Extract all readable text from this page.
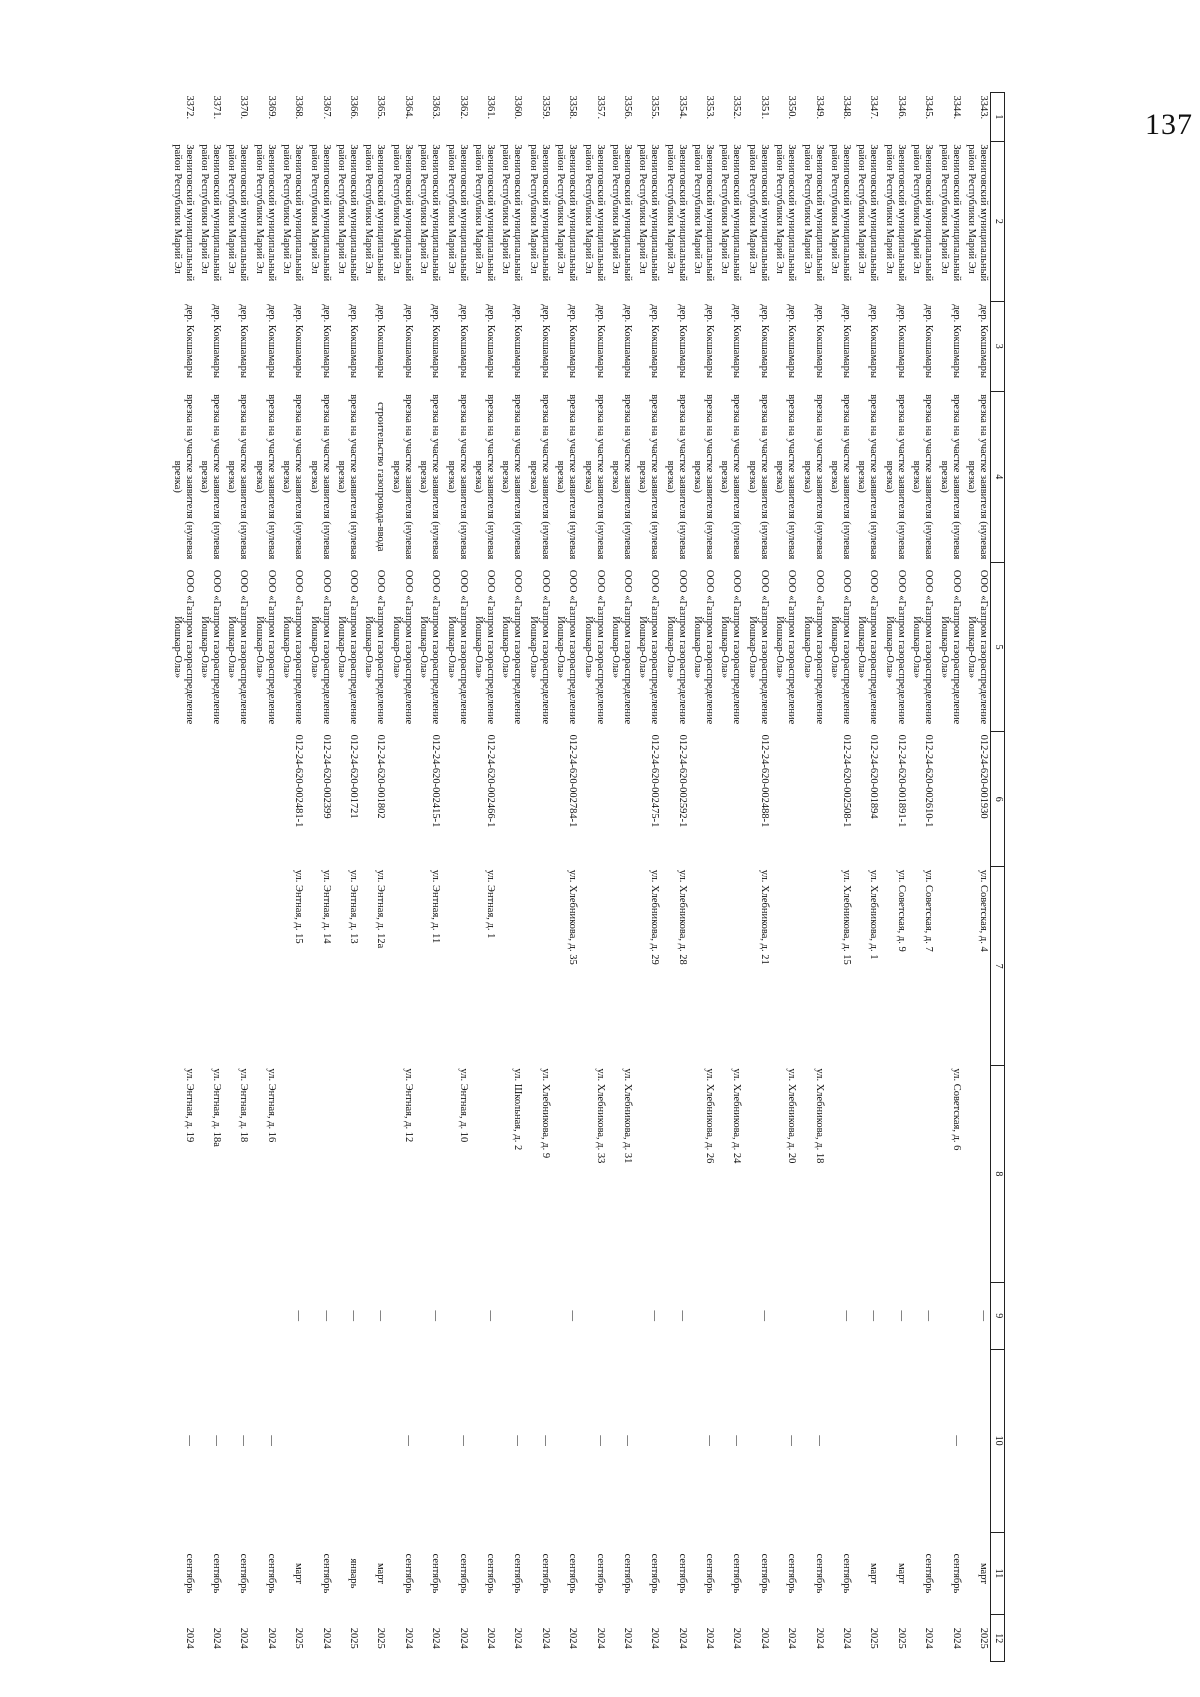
137
1	2	3	4	5	6	7	8	9	10	11	12
3343.	Звениговский муниципальный район Республики Марий Эл	дер. Кокшамары	врезка на участке заявителя (нулевая врезка)	ООО «Газпром газораспределение Йошкар-Ола»	012-24-620-001930	ул. Советская, д. 4		—		март	2025
3344.	Звениговский муниципальный район Республики Марий Эл	дер. Кокшамары	врезка на участке заявителя (нулевая врезка)	ООО «Газпром газораспределение Йошкар-Ола»			ул. Советская, д. 6		—	сентябрь	2024
3345.	Звениговский муниципальный район Республики Марий Эл	дер. Кокшамары	врезка на участке заявителя (нулевая врезка)	ООО «Газпром газораспределение Йошкар-Ола»	012-24-620-002610-1	ул. Советская, д. 7		—		сентябрь	2024
3346.	Звениговский муниципальный район Республики Марий Эл	дер. Кокшамары	врезка на участке заявителя (нулевая врезка)	ООО «Газпром газораспределение Йошкар-Ола»	012-24-620-001891-1	ул. Советская, д. 9		—		март	2025
3347.	Звениговский муниципальный район Республики Марий Эл	дер. Кокшамары	врезка на участке заявителя (нулевая врезка)	ООО «Газпром газораспределение Йошкар-Ола»	012-24-620-001894	ул. Хлебникова, д. 1		—		март	2025
3348.	Звениговский муниципальный район Республики Марий Эл	дер. Кокшамары	врезка на участке заявителя (нулевая врезка)	ООО «Газпром газораспределение Йошкар-Ола»	012-24-620-002508-1	ул. Хлебникова, д. 15		—		сентябрь	2024
3349.	Звениговский муниципальный район Республики Марий Эл	дер. Кокшамары	врезка на участке заявителя (нулевая врезка)	ООО «Газпром газораспределение Йошкар-Ола»			ул. Хлебникова, д. 18		—	сентябрь	2024
3350.	Звениговский муниципальный район Республики Марий Эл	дер. Кокшамары	врезка на участке заявителя (нулевая врезка)	ООО «Газпром газораспределение Йошкар-Ола»			ул. Хлебникова, д. 20		—	сентябрь	2024
3351.	Звениговский муниципальный район Республики Марий Эл	дер. Кокшамары	врезка на участке заявителя (нулевая врезка)	ООО «Газпром газораспределение Йошкар-Ола»	012-24-620-002488-1	ул. Хлебникова, д. 21		—		сентябрь	2024
3352.	Звениговский муниципальный район Республики Марий Эл	дер. Кокшамары	врезка на участке заявителя (нулевая врезка)	ООО «Газпром газораспределение Йошкар-Ола»			ул. Хлебникова, д. 24		—	сентябрь	2024
3353.	Звениговский муниципальный район Республики Марий Эл	дер. Кокшамары	врезка на участке заявителя (нулевая врезка)	ООО «Газпром газораспределение Йошкар-Ола»			ул. Хлебникова, д. 26		—	сентябрь	2024
3354.	Звениговский муниципальный район Республики Марий Эл	дер. Кокшамары	врезка на участке заявителя (нулевая врезка)	ООО «Газпром газораспределение Йошкар-Ола»	012-24-620-002592-1	ул. Хлебникова, д. 28		—		сентябрь	2024
3355.	Звениговский муниципальный район Республики Марий Эл	дер. Кокшамары	врезка на участке заявителя (нулевая врезка)	ООО «Газпром газораспределение Йошкар-Ола»	012-24-620-002475-1	ул. Хлебникова, д. 29		—		сентябрь	2024
3356.	Звениговский муниципальный район Республики Марий Эл	дер. Кокшамары	врезка на участке заявителя (нулевая врезка)	ООО «Газпром газораспределение Йошкар-Ола»			ул. Хлебникова, д. 31		—	сентябрь	2024
3357.	Звениговский муниципальный район Республики Марий Эл	дер. Кокшамары	врезка на участке заявителя (нулевая врезка)	ООО «Газпром газораспределение Йошкар-Ола»			ул. Хлебникова, д. 33		—	сентябрь	2024
3358.	Звениговский муниципальный район Республики Марий Эл	дер. Кокшамары	врезка на участке заявителя (нулевая врезка)	ООО «Газпром газораспределение Йошкар-Ола»	012-24-620-002784-1	ул. Хлебникова, д. 35		—		сентябрь	2024
3359.	Звениговский муниципальный район Республики Марий Эл	дер. Кокшамары	врезка на участке заявителя (нулевая врезка)	ООО «Газпром газораспределение Йошкар-Ола»			ул. Хлебникова, д. 9		—	сентябрь	2024
3360.	Звениговский муниципальный район Республики Марий Эл	дер. Кокшамары	врезка на участке заявителя (нулевая врезка)	ООО «Газпром газораспределение Йошкар-Ола»			ул. Школьная, д. 2		—	сентябрь	2024
3361.	Звениговский муниципальный район Республики Марий Эл	дер. Кокшамары	врезка на участке заявителя (нулевая врезка)	ООО «Газпром газораспределение Йошкар-Ола»	012-24-620-002466-1	ул. Энтная, д. 1		—		сентябрь	2024
3362.	Звениговский муниципальный район Республики Марий Эл	дер. Кокшамары	врезка на участке заявителя (нулевая врезка)	ООО «Газпром газораспределение Йошкар-Ола»			ул. Энтная, д. 10		—	сентябрь	2024
3363.	Звениговский муниципальный район Республики Марий Эл	дер. Кокшамары	врезка на участке заявителя (нулевая врезка)	ООО «Газпром газораспределение Йошкар-Ола»	012-24-620-002415-1	ул. Энтная, д. 11		—		сентябрь	2024
3364.	Звениговский муниципальный район Республики Марий Эл	дер. Кокшамары	врезка на участке заявителя (нулевая врезка)	ООО «Газпром газораспределение Йошкар-Ола»			ул. Энтная, д. 12		—	сентябрь	2024
3365.	Звениговский муниципальный район Республики Марий Эл	дер. Кокшамары	строительство газопровода-ввода	ООО «Газпром газораспределение Йошкар-Ола»	012-24-620-001802	ул. Энтная, д. 12а		—		март	2025
3366.	Звениговский муниципальный район Республики Марий Эл	дер. Кокшамары	врезка на участке заявителя (нулевая врезка)	ООО «Газпром газораспределение Йошкар-Ола»	012-24-620-001721	ул. Энтная, д. 13		—		январь	2025
3367.	Звениговский муниципальный район Республики Марий Эл	дер. Кокшамары	врезка на участке заявителя (нулевая врезка)	ООО «Газпром газораспределение Йошкар-Ола»	012-24-620-002399	ул. Энтная, д. 14		—		сентябрь	2024
3368.	Звениговский муниципальный район Республики Марий Эл	дер. Кокшамары	врезка на участке заявителя (нулевая врезка)	ООО «Газпром газораспределение Йошкар-Ола»	012-24-620-002481-1	ул. Энтная, д. 15		—		март	2025
3369.	Звениговский муниципальный район Республики Марий Эл	дер. Кокшамары	врезка на участке заявителя (нулевая врезка)	ООО «Газпром газораспределение Йошкар-Ола»			ул. Энтная, д. 16		—	сентябрь	2024
3370.	Звениговский муниципальный район Республики Марий Эл	дер. Кокшамары	врезка на участке заявителя (нулевая врезка)	ООО «Газпром газораспределение Йошкар-Ола»			ул. Энтная, д. 18		—	сентябрь	2024
3371.	Звениговский муниципальный район Республики Марий Эл	дер. Кокшамары	врезка на участке заявителя (нулевая врезка)	ООО «Газпром газораспределение Йошкар-Ола»			ул. Энтная, д. 18а		—	сентябрь	2024
3372.	Звениговский муниципальный район Республики Марий Эл	дер. Кокшамары	врезка на участке заявителя (нулевая врезка)	ООО «Газпром газораспределение Йошкар-Ола»			ул. Энтная, д. 19		—	сентябрь	2024
